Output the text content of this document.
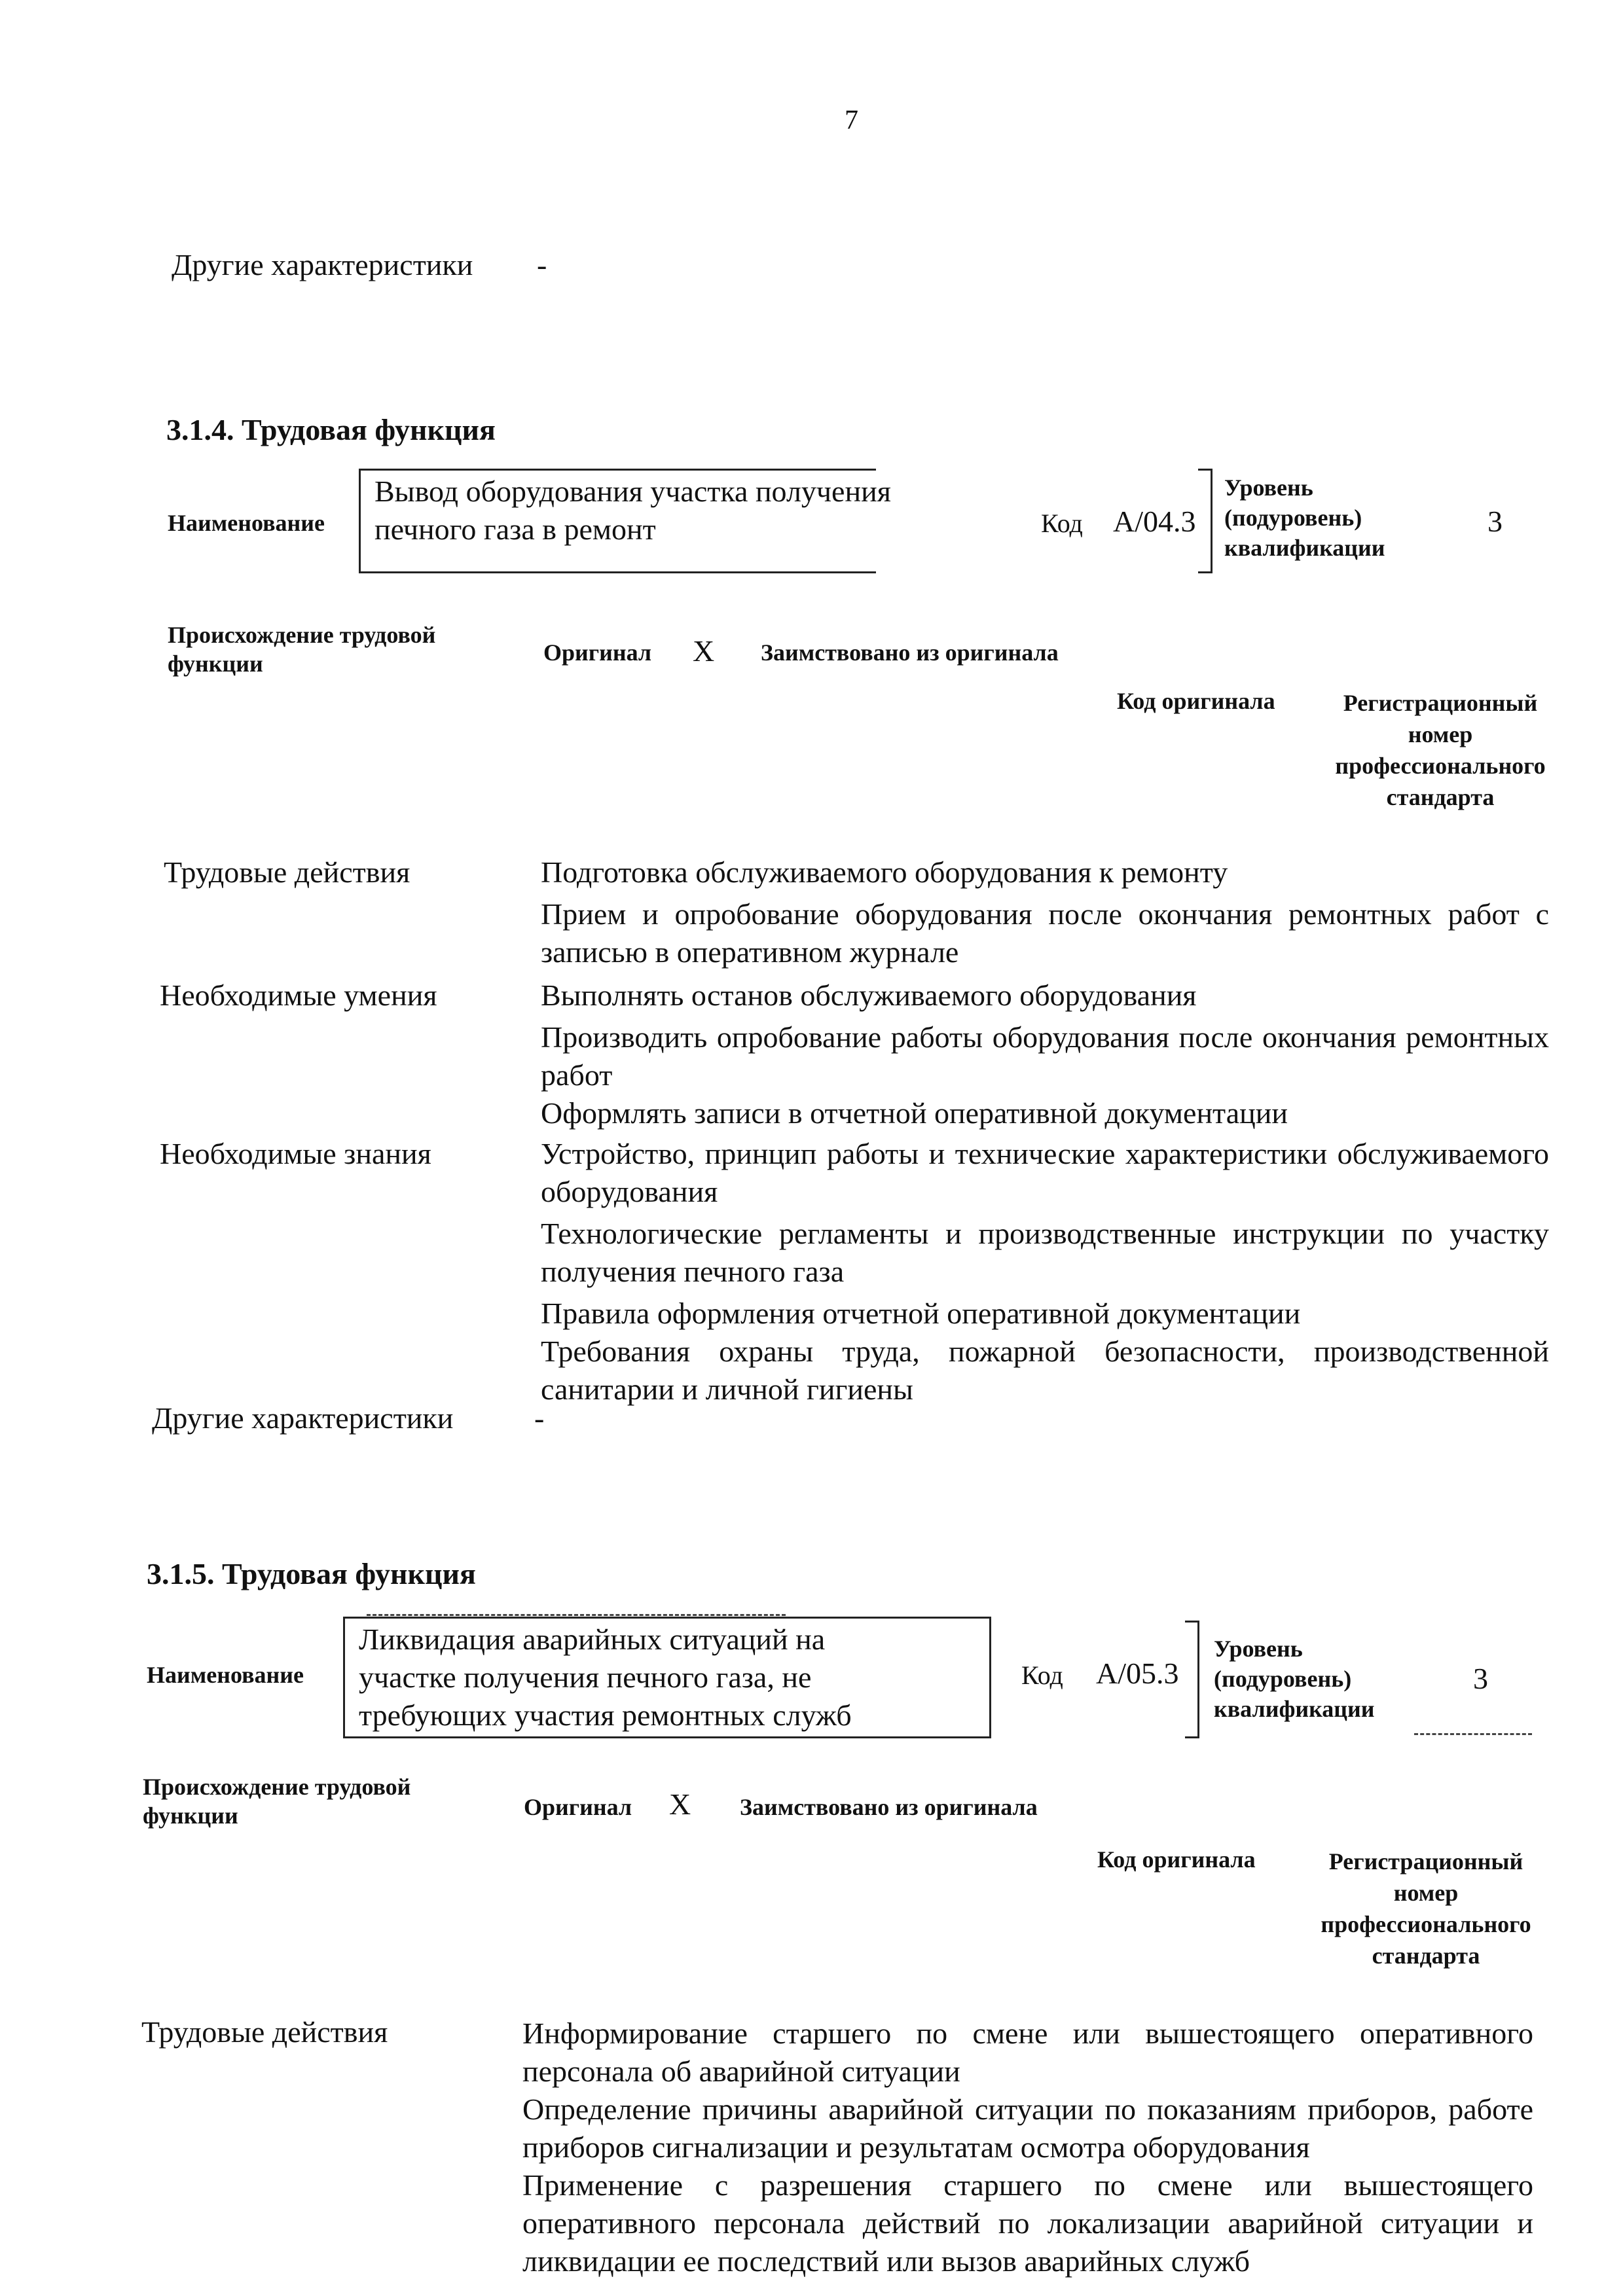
7
Другие характеристики -
3.1.4. Трудовая функция
Наименование
Вывод оборудования участка получения
печного газа в ремонт	Код A/04.3
Уровень
(подуровень)
квалификации
3
Происхождение трудовой
функции	Оригинал X Заимствовано из оригинала
Код оригинала	Регистрационный
номер
профессионального
стандарта
Трудовые действия	Подготовка обслуживаемого оборудования к ремонту
Прием и опробование оборудования после окончания ремонтных работ с записью в оперативном журнале
Необходимые умения	Выполнять останов обслуживаемого оборудования
Производить опробование работы оборудования после окончания ремонтных работ
Оформлять записи в отчетной оперативной документации
Необходимые знания	Устройство, принцип работы и технические характеристики обслуживаемого оборудования
Технологические регламенты и производственные инструкции по участку получения печного газа
Правила оформления отчетной оперативной документации
Требования охраны труда, пожарной безопасности, производственной санитарии и личной гигиены
Другие характеристики	-
3.1.5. Трудовая функция
Наименование
Ликвидация аварийных ситуаций на
участке получения печного газа, не
требующих участия ремонтных служб
Код A/05.3
Уровень
(подуровень)
квалификации
3
Происхождение трудовой
функции	Оригинал X Заимствовано из оригинала
Код оригинала	Регистрационный
номер
профессионального
стандарта
Трудовые действия	Информирование старшего по смене или вышестоящего оперативного персонала об аварийной ситуации
Определение причины аварийной ситуации по показаниям приборов, работе приборов сигнализации и результатам осмотра оборудования
Применение с разрешения старшего по смене или вышестоящего оперативного персонала действий по локализации аварийной ситуации и ликвидации ее последствий или вызов аварийных служб
